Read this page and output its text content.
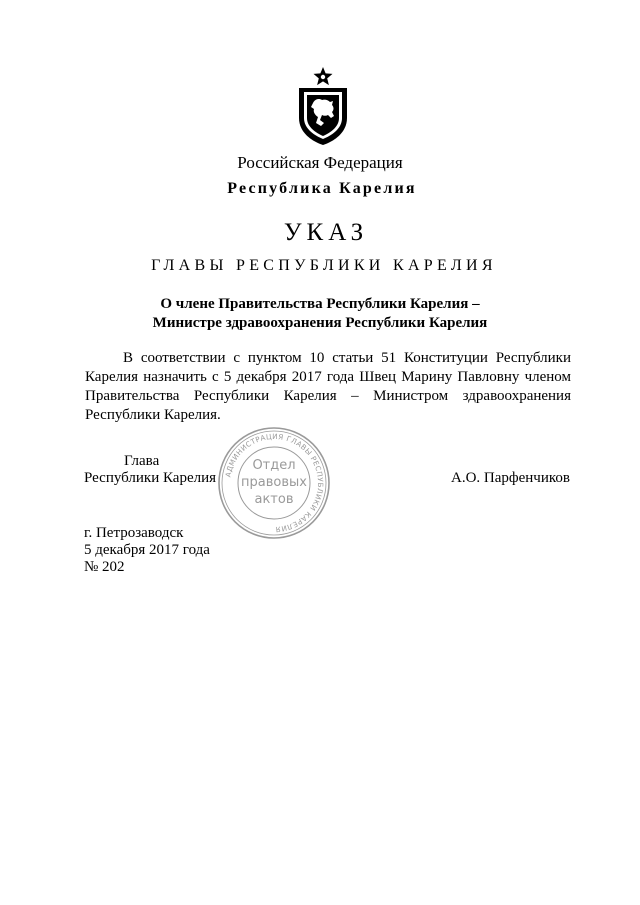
Российская Федерация
Республика Карелия
УКАЗ
ГЛАВЫ РЕСПУБЛИКИ КАРЕЛИЯ
О члене Правительства Республики Карелия –
Министре здравоохранения Республики Карелия

В соответствии с пунктом 10 статьи 51 Конституции Республики Карелия назначить с 5 декабря 2017 года Швец Марину Павловну членом Правительства Республики Карелия – Министром здравоохранения Республики Карелия.

Глава
Республики Карелия	А.О. Парфенчиков
АДМИНИСТРАЦИЯ ГЛАВЫ РЕСПУБЛИКИ КАРЕЛИЯ
Отдел
правовых
актов
г. Петрозаводск
5 декабря 2017 года
№ 202
